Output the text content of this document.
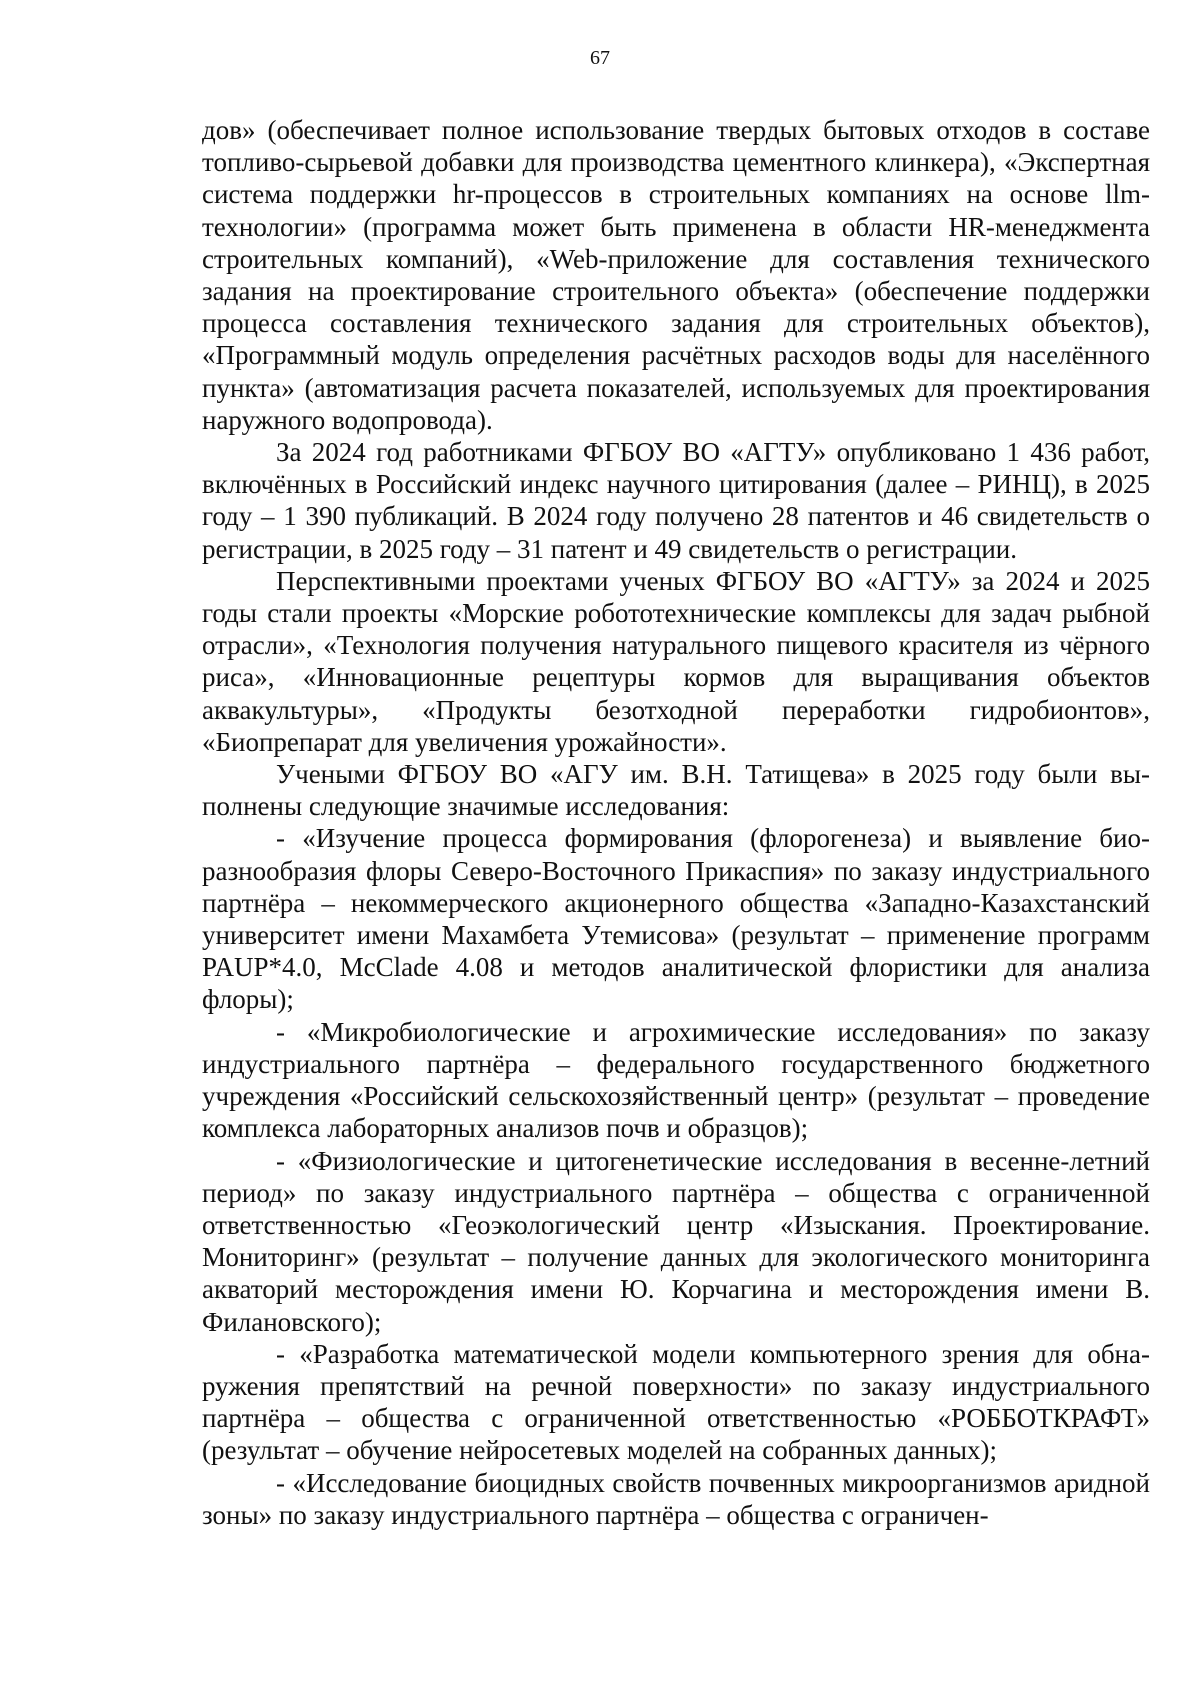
67

дов» (обеспечивает полное использование твердых бытовых отходов в составе топливо-сырьевой добавки для производства цементного клинкера), «Экспертная система поддержки hr-процессов в строительных компаниях на основе llm-технологии» (программа может быть применена в области HR-менеджмента строительных компаний), «Web-приложение для составления технического задания на проектирование строительного объекта» (обеспечение поддержки процесса составления технического задания для строительных объектов), «Программный модуль определения расчётных расходов воды для населённого пункта» (автоматизация расчета показателей, используемых для проектирования наружного водопровода).

За 2024 год работниками ФГБОУ ВО «АГТУ» опубликовано 1 436 работ, включённых в Российский индекс научного цитирования (далее – РИНЦ), в 2025 году – 1 390 публикаций. В 2024 году получено 28 патентов и 46 свидетельств о регистрации, в 2025 году – 31 патент и 49 свидетельств о регистрации.

Перспективными проектами ученых ФГБОУ ВО «АГТУ» за 2024 и 2025 годы стали проекты «Морские робототехнические комплексы для задач рыбной отрасли», «Технология получения натурального пищевого красителя из чёрного риса», «Инновационные рецептуры кормов для выращивания объектов аквакультуры», «Продукты безотходной переработки гидробионтов», «Биопрепарат для увеличения урожайности».

Учеными ФГБОУ ВО «АГУ им. В.Н. Татищева» в 2025 году были выполнены следующие значимые исследования:

- «Изучение процесса формирования (флорогенеза) и выявление биоразнообразия флоры Северо-Восточного Прикаспия» по заказу индустриального партнёра – некоммерческого акционерного общества «Западно-Казахстанский университет имени Махамбета Утемисова» (результат – применение программ PAUP*4.0, McClade 4.08 и методов аналитической флористики для анализа флоры);

- «Микробиологические и агрохимические исследования» по заказу индустриального партнёра – федерального государственного бюджетного учреждения «Российский сельскохозяйственный центр» (результат – проведение комплекса лабораторных анализов почв и образцов);

- «Физиологические и цитогенетические исследования в весенне-летний период» по заказу индустриального партнёра – общества с ограниченной ответственностью «Геоэкологический центр «Изыскания. Проектирование. Мониторинг» (результат – получение данных для экологического мониторинга акваторий месторождения имени Ю. Корчагина и месторождения имени В. Филановского);

- «Разработка математической модели компьютерного зрения для обнаружения препятствий на речной поверхности» по заказу индустриального партнёра – общества с ограниченной ответственностью «РОББОТКРАФТ» (результат – обучение нейросетевых моделей на собранных данных);

- «Исследование биоцидных свойств почвенных микроорганизмов аридной зоны» по заказу индустриального партнёра – общества с ограничен-
